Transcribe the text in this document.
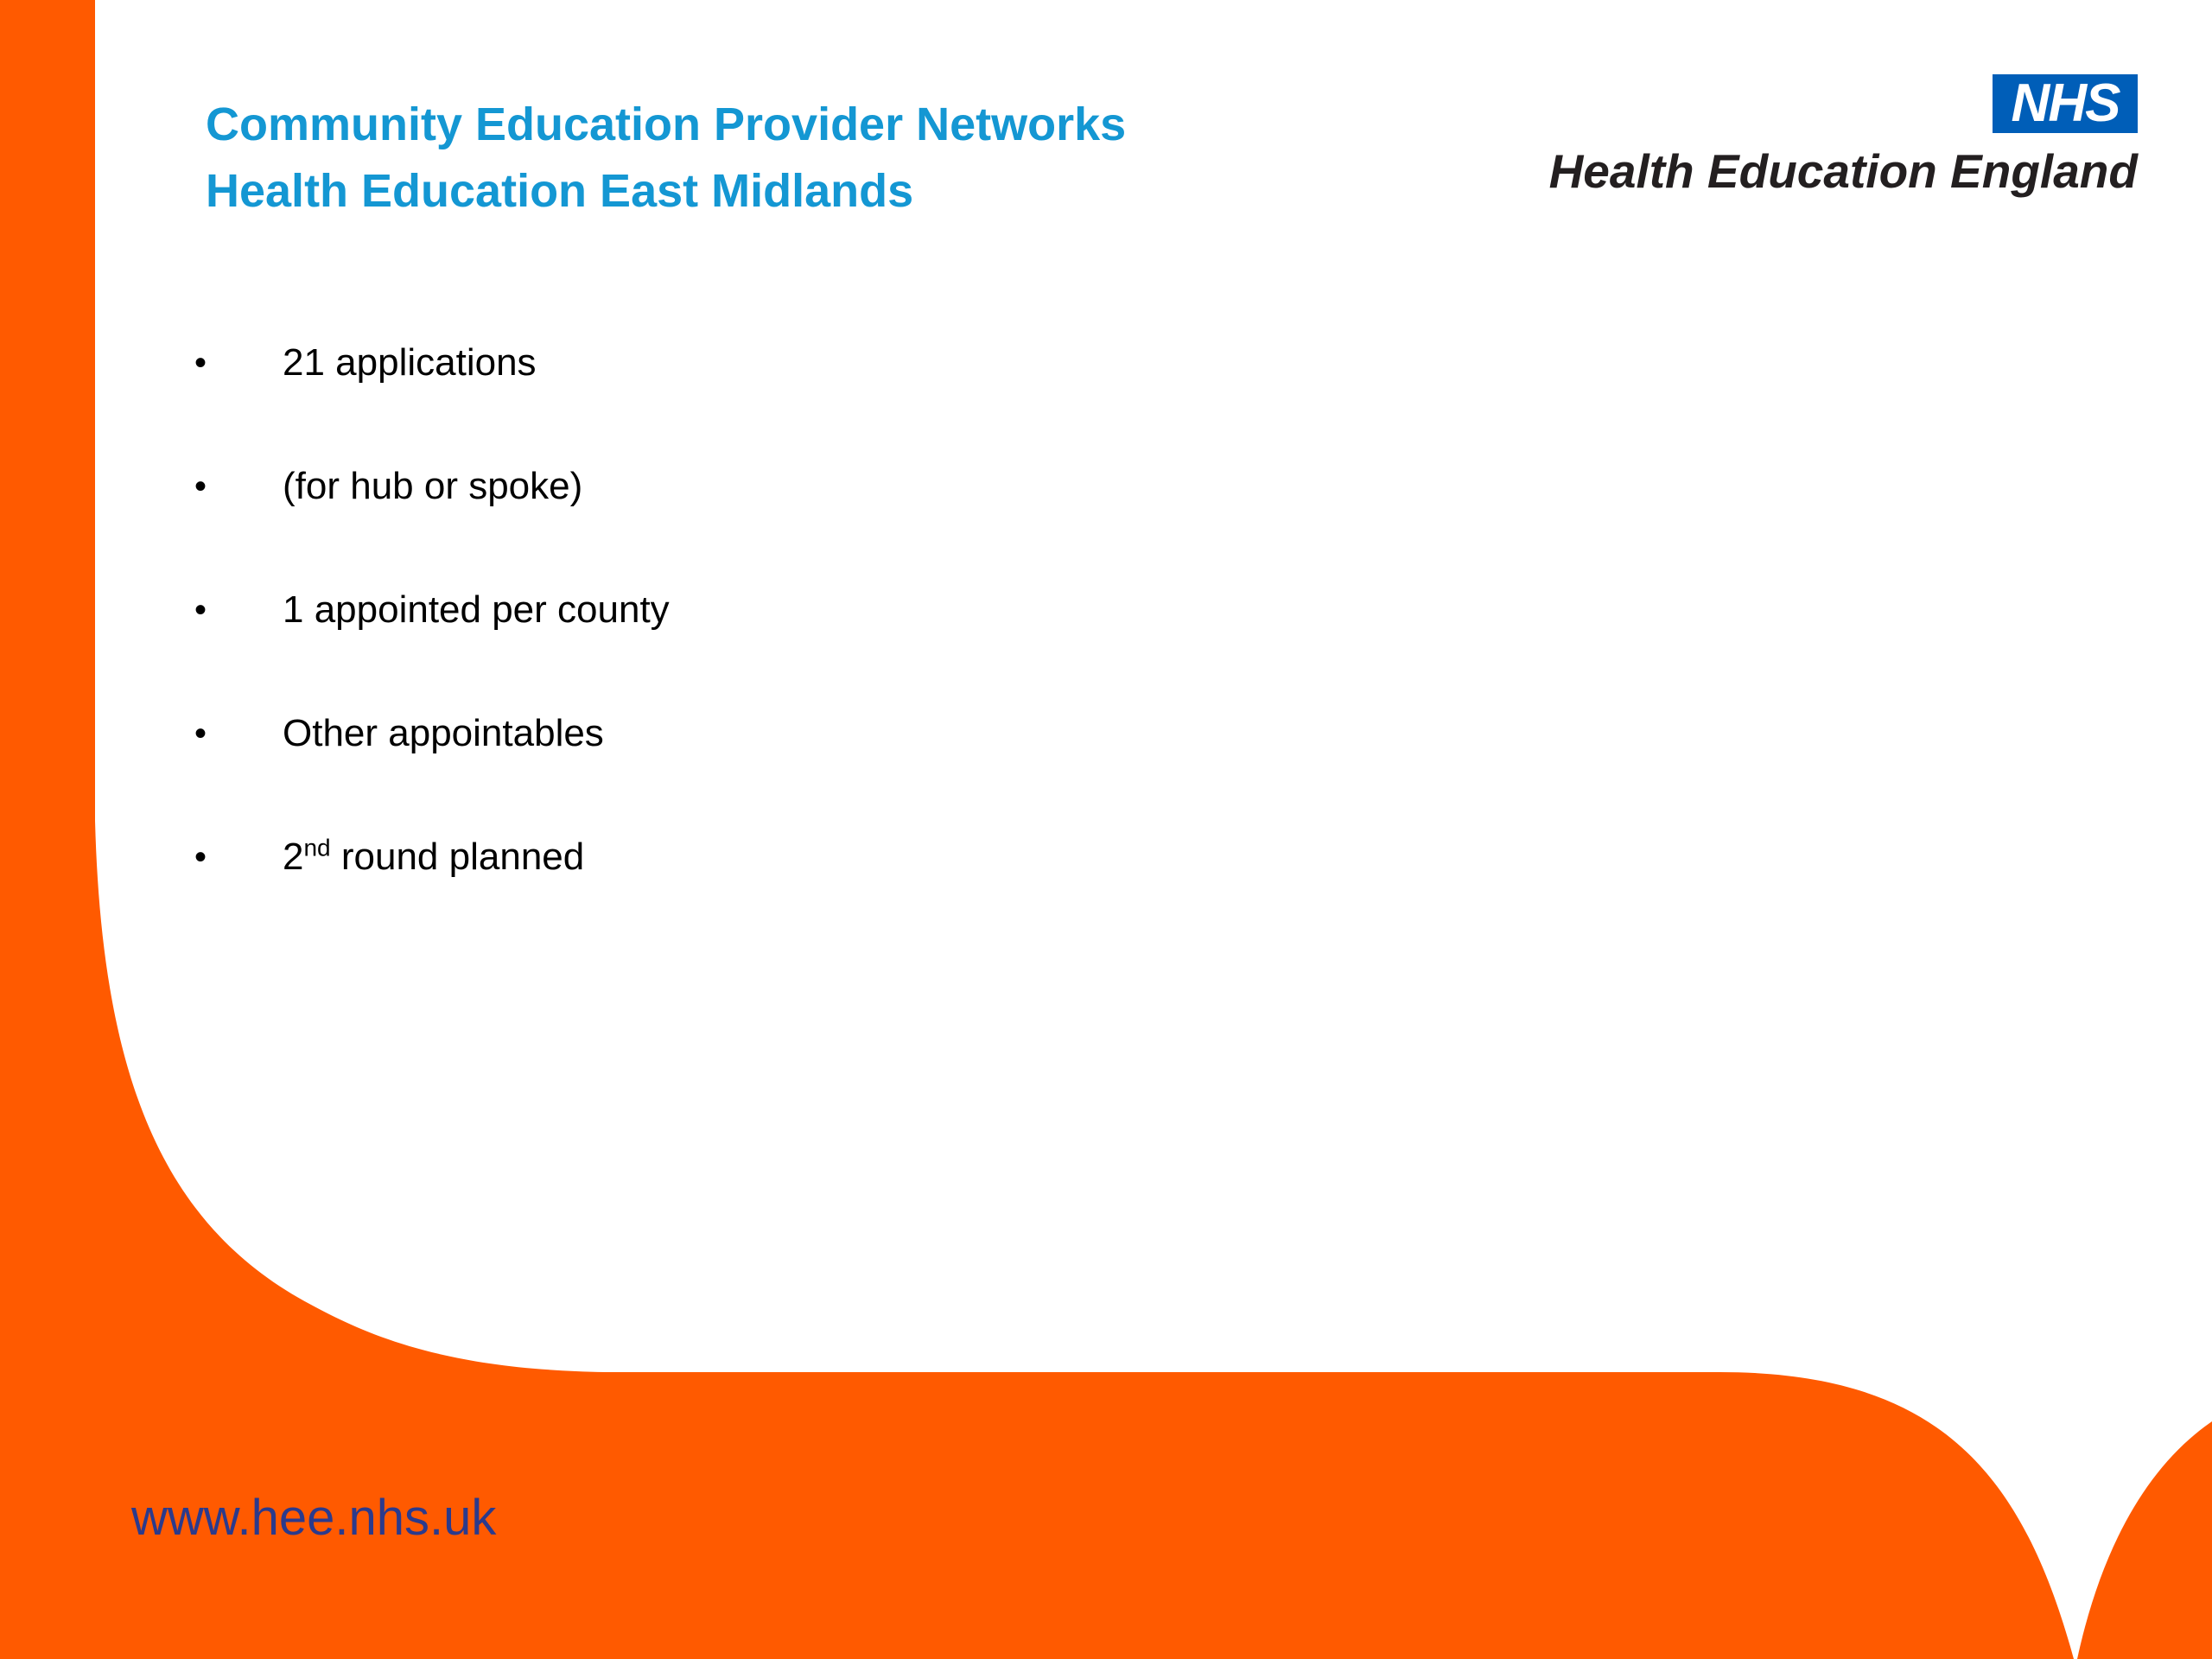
Community Education Provider Networks
Health Education East Midlands
NHS
Health Education England
•	21 applications
•	(for hub or spoke)
•	1 appointed per county
•	Other appointables
•	2nd round planned
www.hee.nhs.uk
